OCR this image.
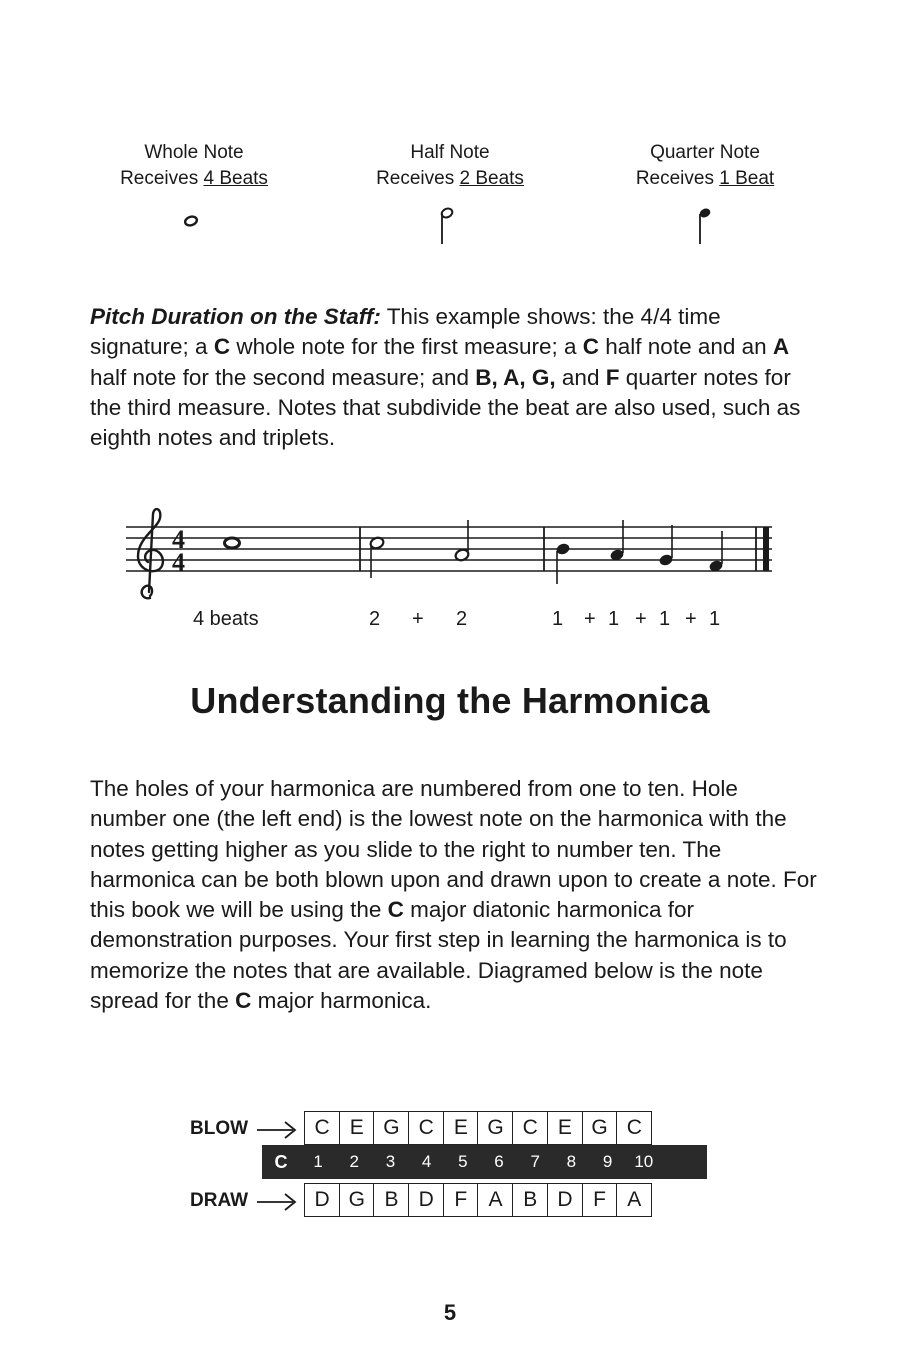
Whole Note
Receives 4 Beats
Half Note
Receives 2 Beats
Quarter Note
Receives 1 Beat

Pitch Duration on the Staff: This example shows: the 4/4 time signature; a C whole note for the first measure; a C half note and an A half note for the second measure; and B, A, G, and F quarter notes for the third measure. Notes that subdivide the beat are also used, such as eighth notes and triplets.

4
4
4 beats	2 + 2	1 + 1 + 1 + 1
Understanding the Harmonica

The holes of your harmonica are numbered from one to ten. Hole number one (the left end) is the lowest note on the harmonica with the notes getting higher as you slide to the right to number ten. The harmonica can be both blown upon and drawn upon to create a note. For this book we will be using the C major diatonic harmonica for demonstration purposes. Your first step in learning the harmonica is to memorize the notes that are available. Diagramed below is the note spread for the C major harmonica.

BLOW	C E G C E G C E G C
C	1	2	3	4	5	6	7	8	9	10
DRAW	D G B D F	A B D F	A
5
